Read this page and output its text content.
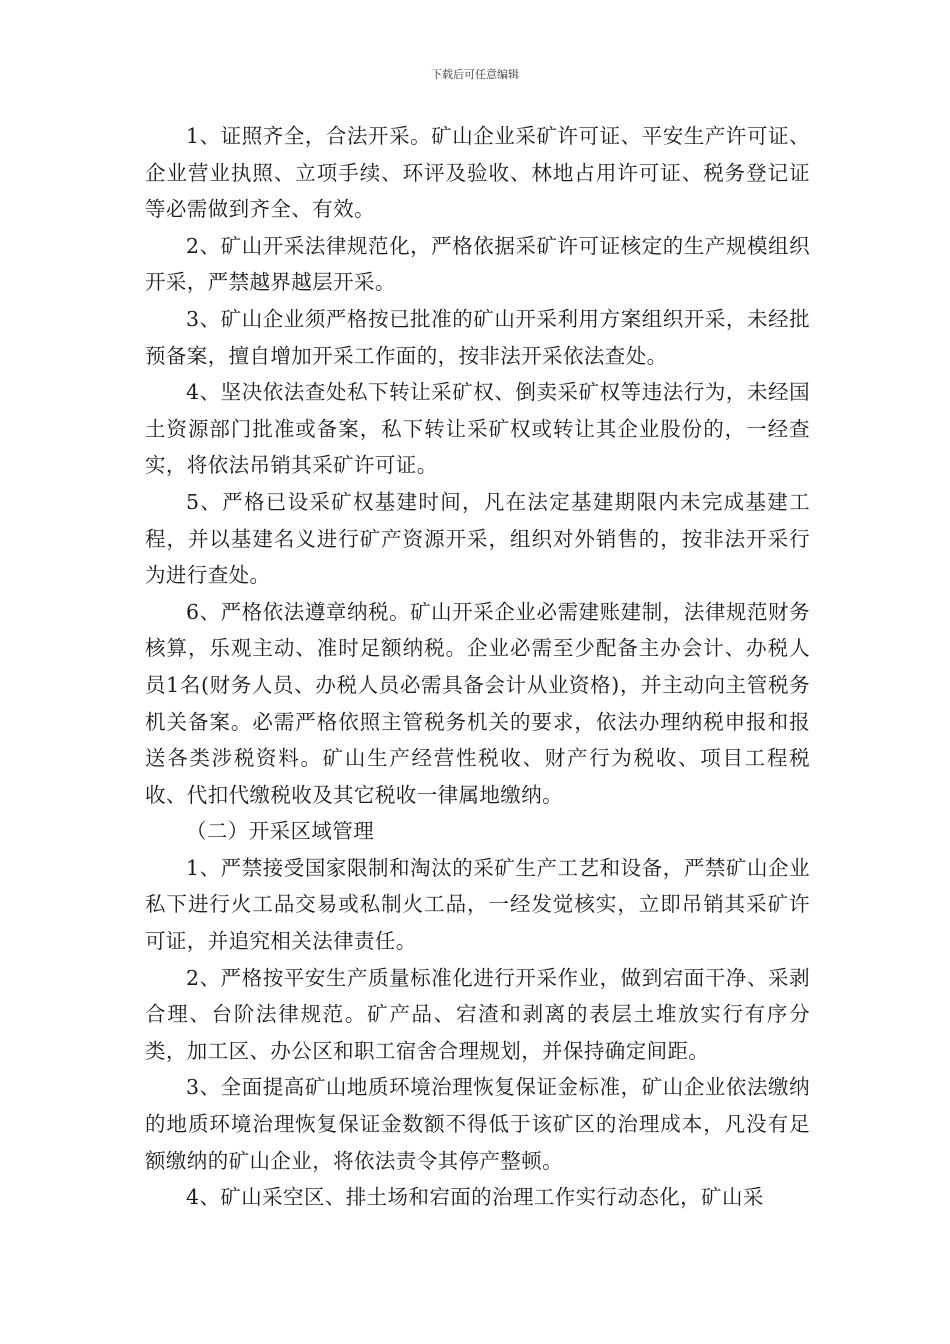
下载后可任意编辑

1、证照齐全，合法开采。矿山企业采矿许可证、平安生产许可证、企业营业执照、立项手续、环评及验收、林地占用许可证、税务登记证等必需做到齐全、有效。

2、矿山开采法律规范化，严格依据采矿许可证核定的生产规模组织开采，严禁越界越层开采。

3、矿山企业须严格按已批准的矿山开采利用方案组织开采，未经批预备案，擅自增加开采工作面的，按非法开采依法查处。

4、坚决依法查处私下转让采矿权、倒卖采矿权等违法行为，未经国土资源部门批准或备案，私下转让采矿权或转让其企业股份的，一经查实，将依法吊销其采矿许可证。

5、严格已设采矿权基建时间，凡在法定基建期限内未完成基建工程，并以基建名义进行矿产资源开采，组织对外销售的，按非法开采行为进行查处。

6、严格依法遵章纳税。矿山开采企业必需建账建制，法律规范财务核算，乐观主动、准时足额纳税。企业必需至少配备主办会计、办税人员1名(财务人员、办税人员必需具备会计从业资格)，并主动向主管税务机关备案。必需严格依照主管税务机关的要求，依法办理纳税申报和报送各类涉税资料。矿山生产经营性税收、财产行为税收、项目工程税收、代扣代缴税收及其它税收一律属地缴纳。

（二）开采区域管理

1、严禁接受国家限制和淘汰的采矿生产工艺和设备，严禁矿山企业私下进行火工品交易或私制火工品，一经发觉核实，立即吊销其采矿许可证，并追究相关法律责任。

2、严格按平安生产质量标准化进行开采作业，做到宕面干净、采剥合理、台阶法律规范。矿产品、宕渣和剥离的表层土堆放实行有序分类，加工区、办公区和职工宿舍合理规划，并保持确定间距。

3、全面提高矿山地质环境治理恢复保证金标准，矿山企业依法缴纳的地质环境治理恢复保证金数额不得低于该矿区的治理成本，凡没有足额缴纳的矿山企业，将依法责令其停产整顿。

4、矿山采空区、排土场和宕面的治理工作实行动态化，矿山采
